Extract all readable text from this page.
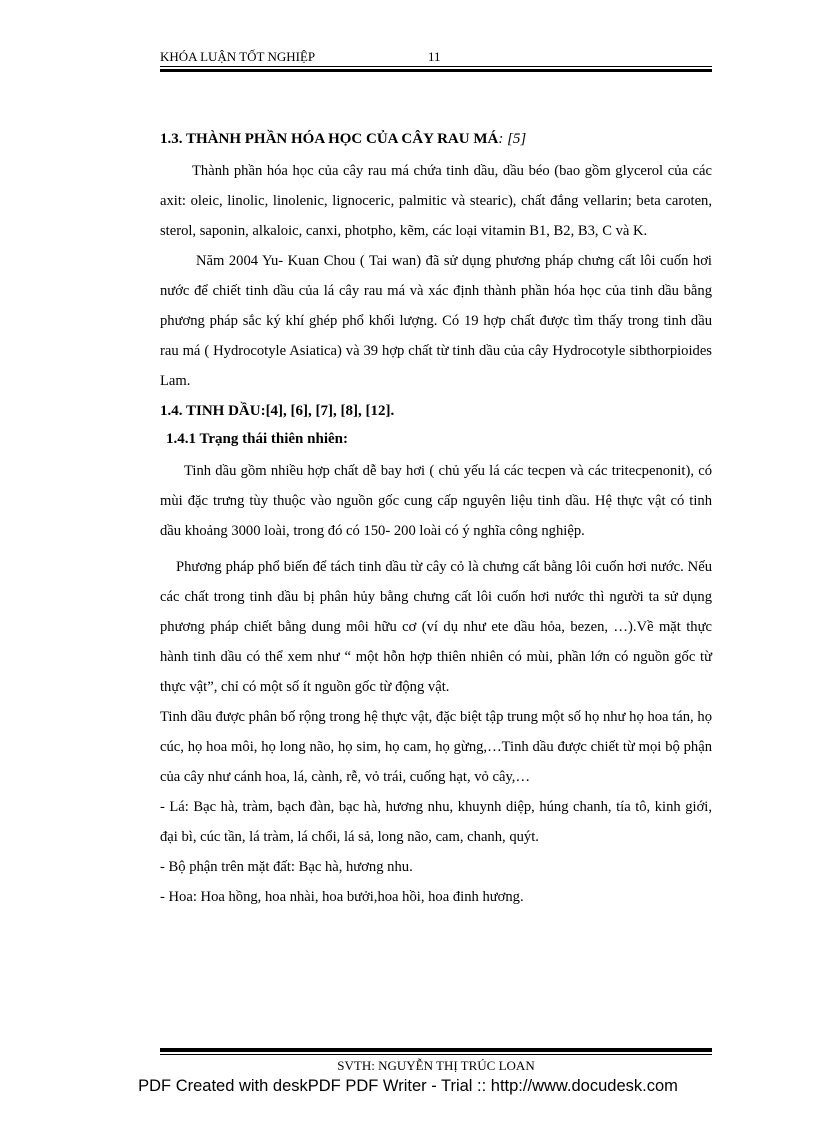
KHÓA LUẬN TỐT NGHIỆP	11

1.3. THÀNH PHẦN HÓA HỌC CỦA CÂY RAU MÁ: [5]

Thành phần hóa học của cây rau má chứa tinh dầu, dầu béo (bao gồm glycerol của các axit: oleic, linolic, linolenic, lignoceric, palmitic và stearic), chất đắng vellarin; beta caroten, sterol, saponin, alkaloic, canxi, photpho, kẽm, các loại vitamin B1, B2, B3, C và K.

Năm 2004 Yu- Kuan Chou ( Tai wan) đã sử dụng phương pháp chưng cất lôi cuốn hơi nước để chiết tinh dầu của lá cây rau má và xác định thành phần hóa học của tinh dầu bằng phương pháp sắc ký khí ghép phổ khối lượng. Có 19 hợp chất được tìm thấy trong tinh dầu rau má ( Hydrocotyle Asiatica) và 39 hợp chất từ tinh dầu của cây Hydrocotyle sibthorpioides Lam.

1.4. TINH DẦU:[4], [6], [7], [8], [12].

1.4.1 Trạng thái thiên nhiên:

Tinh dầu gồm nhiều hợp chất dễ bay hơi ( chủ yếu lá các tecpen và các tritecpenonit), có mùi đặc trưng tùy thuộc vào nguồn gốc cung cấp nguyên liệu tinh dầu. Hệ thực vật có tinh dầu khoảng 3000 loài, trong đó có 150- 200 loài có ý nghĩa công nghiệp.

Phương pháp phổ biến để tách tinh dầu từ cây cỏ là chưng cất bằng lôi cuốn hơi nước. Nếu các chất trong tinh dầu bị phân hủy bằng chưng cất lôi cuốn hơi nước thì người ta sử dụng phương pháp chiết bằng dung môi hữu cơ (ví dụ như ete dầu hỏa, bezen, …).Về mặt thực hành tinh dầu có thể xem như “ một hỗn hợp thiên nhiên có mùi, phần lớn có nguồn gốc từ thực vật”, chỉ có một số ít nguồn gốc từ động vật.

Tinh dầu được phân bố rộng trong hệ thực vật, đặc biệt tập trung một số họ như họ hoa tán, họ cúc, họ hoa môi, họ long não, họ sim, họ cam, họ gừng,…Tinh dầu được chiết từ mọi bộ phận của cây như cánh hoa, lá, cành, rễ, vỏ trái, cuống hạt, vỏ cây,…

- Lá: Bạc hà, tràm, bạch đàn, bạc hà, hương nhu, khuynh diệp, húng chanh, tía tô, kinh giới, đại bì, cúc tần, lá tràm, lá chổi, lá sả, long não, cam, chanh, quýt.

- Bộ phận trên mặt đất: Bạc hà, hương nhu.

- Hoa: Hoa hồng, hoa nhài, hoa bưởi,hoa hồi, hoa đinh hương.

SVTH: NGUYỄN THỊ TRÚC LOAN
PDF Created with deskPDF PDF Writer - Trial :: http://www.docudesk.com
